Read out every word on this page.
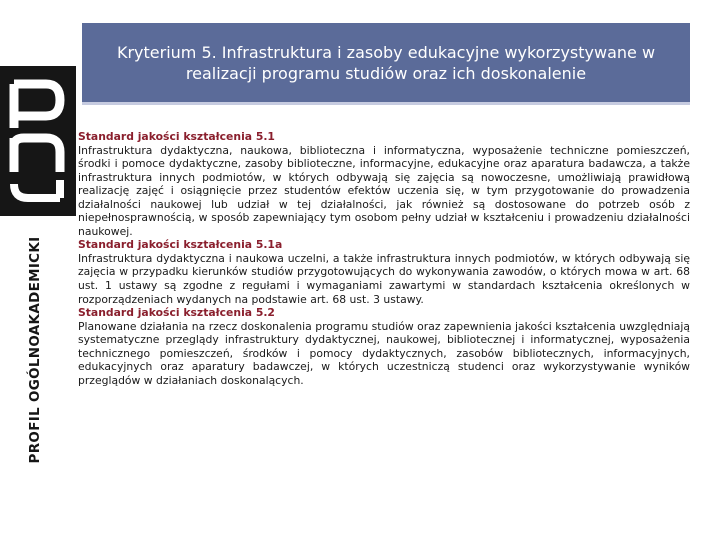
PROFIL OGÓLNOAKADEMICKI
Kryterium 5. Infrastruktura i zasoby edukacyjne wykorzystywane w realizacji programu studiów oraz ich doskonalenie

Standard jakości kształcenia 5.1

Infrastruktura dydaktyczna, naukowa, biblioteczna i informatyczna, wyposażenie techniczne pomieszczeń, środki i pomoce dydaktyczne, zasoby biblioteczne, informacyjne, edukacyjne oraz aparatura badawcza, a także infrastruktura innych podmiotów, w których odbywają się zajęcia są nowoczesne, umożliwiają prawidłową realizację zajęć i osiągnięcie przez studentów efektów uczenia się, w tym przygotowanie do prowadzenia działalności naukowej lub udział w tej działalności, jak również są dostosowane do potrzeb osób z niepełnosprawnością, w sposób zapewniający tym osobom pełny udział w kształceniu i prowadzeniu działalności naukowej.

Standard jakości kształcenia 5.1a

Infrastruktura dydaktyczna i naukowa uczelni, a także infrastruktura innych podmiotów, w których odbywają się zajęcia w przypadku kierunków studiów przygotowujących do wykonywania zawodów, o których mowa w art. 68 ust. 1 ustawy są zgodne z regułami i wymaganiami zawartymi w standardach kształcenia określonych w rozporządzeniach wydanych na podstawie art. 68 ust. 3 ustawy.

Standard jakości kształcenia 5.2

Planowane działania na rzecz doskonalenia programu studiów oraz zapewnienia jakości kształcenia uwzględniają systematyczne przeglądy infrastruktury dydaktycznej, naukowej, bibliotecznej i informatycznej, wyposażenia technicznego pomieszczeń, środków i pomocy dydaktycznych, zasobów bibliotecznych, informacyjnych, edukacyjnych oraz aparatury badawczej, w których uczestniczą studenci oraz wykorzystywanie wyników przeglądów w działaniach doskonalących.
